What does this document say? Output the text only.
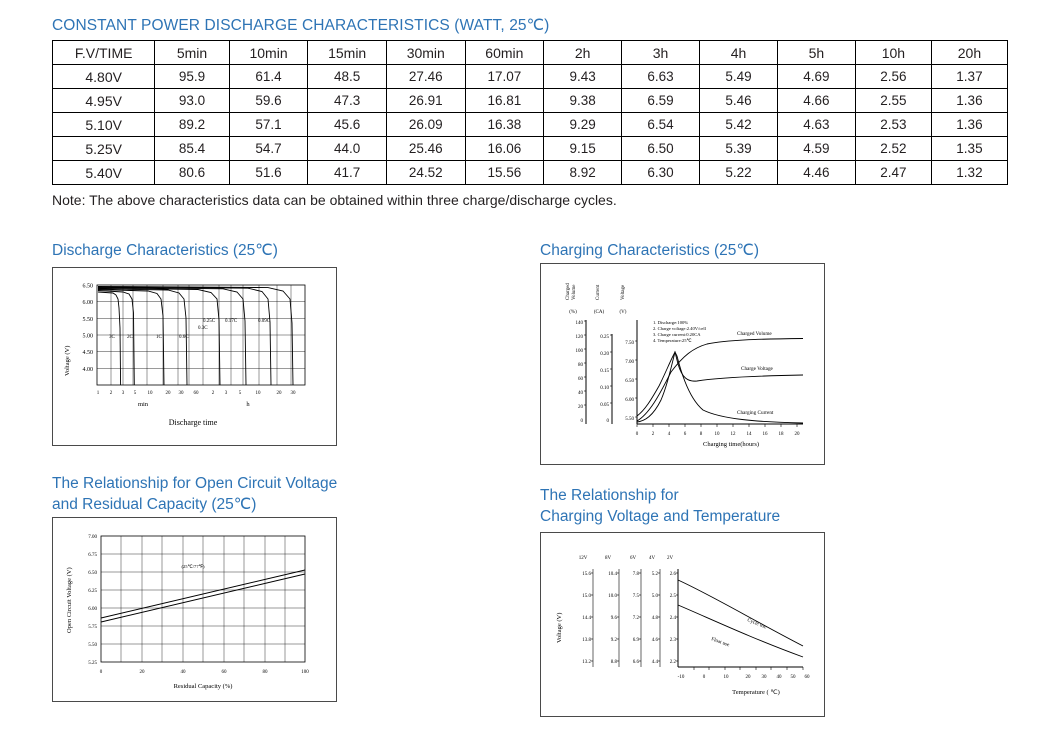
CONSTANT POWER DISCHARGE CHARACTERISTICS (WATT, 25℃)
F.V/TIME	5min	10min	15min	30min	60min	2h	3h	4h	5h	10h	20h
4.80V	95.9	61.4	48.5	27.46	17.07	9.43	6.63	5.49	4.69	2.56	1.37
4.95V	93.0	59.6	47.3	26.91	16.81	9.38	6.59	5.46	4.66	2.55	1.36
5.10V	89.2	57.1	45.6	26.09	16.38	9.29	6.54	5.42	4.63	2.53	1.36
5.25V	85.4	54.7	44.0	25.46	16.06	9.15	6.50	5.39	4.59	2.52	1.35
5.40V	80.6	51.6	41.7	24.52	15.56	8.92	6.30	5.22	4.46	2.47	1.32
Note: The above characteristics data can be obtained within three charge/discharge cycles.
Discharge Characteristics (25℃)	Charging Characteristics (25℃)
The Relationship for Open Circuit Voltage
and Residual Capacity (25℃)
The Relationship for
Charging Voltage and Temperature
Voltage (V)
6.50
6.00
5.50
5.00
4.50
4.00
3C 2C	1C	0.6C
0.3C
0.25C 0.17C	0.09C
1 2 3 5 10	20 30 60	2 3 5	10	20 30
min	h
Discharge time
Charged Volume	Current	Voltage
(%)	(CA)	(V)
140
120
100
80
60
40
20
0
0.25
0.20
0.15
0.10
0.05
0
7.50
7.00
6.50
6.00
5.50
0	2	4	6	8 10 12 14 16 18 20
Charging time(hours)
1. Discharge:100%
2. Charge voltage:2.40V/cell
3. Charge current:0.20CA
4. Temperature:25℃
Charged Volume
Charge Voltage
Charging Current
Open Circuit Voltage (V)
7.00
6.75
6.50
6.25
6.00
5.75
5.50
5.25
0	20	40	60	80	100
Residual Capacity (%)
(25℃/77℉)
Voltage (V)
12V	8V	6V	4V 2V
15.6
15.0
14.4
13.8
13.2
10.4
10.0
9.6
9.2
8.8
7.8
7.5
7.2
6.9
6.6
5.2
5.0
4.8
4.6
4.4
2.6
2.5
2.4
2.3
2.2
-10	0	10	20 30 40 50 60
Temperature ( ℃)
Cycle use
Float use
